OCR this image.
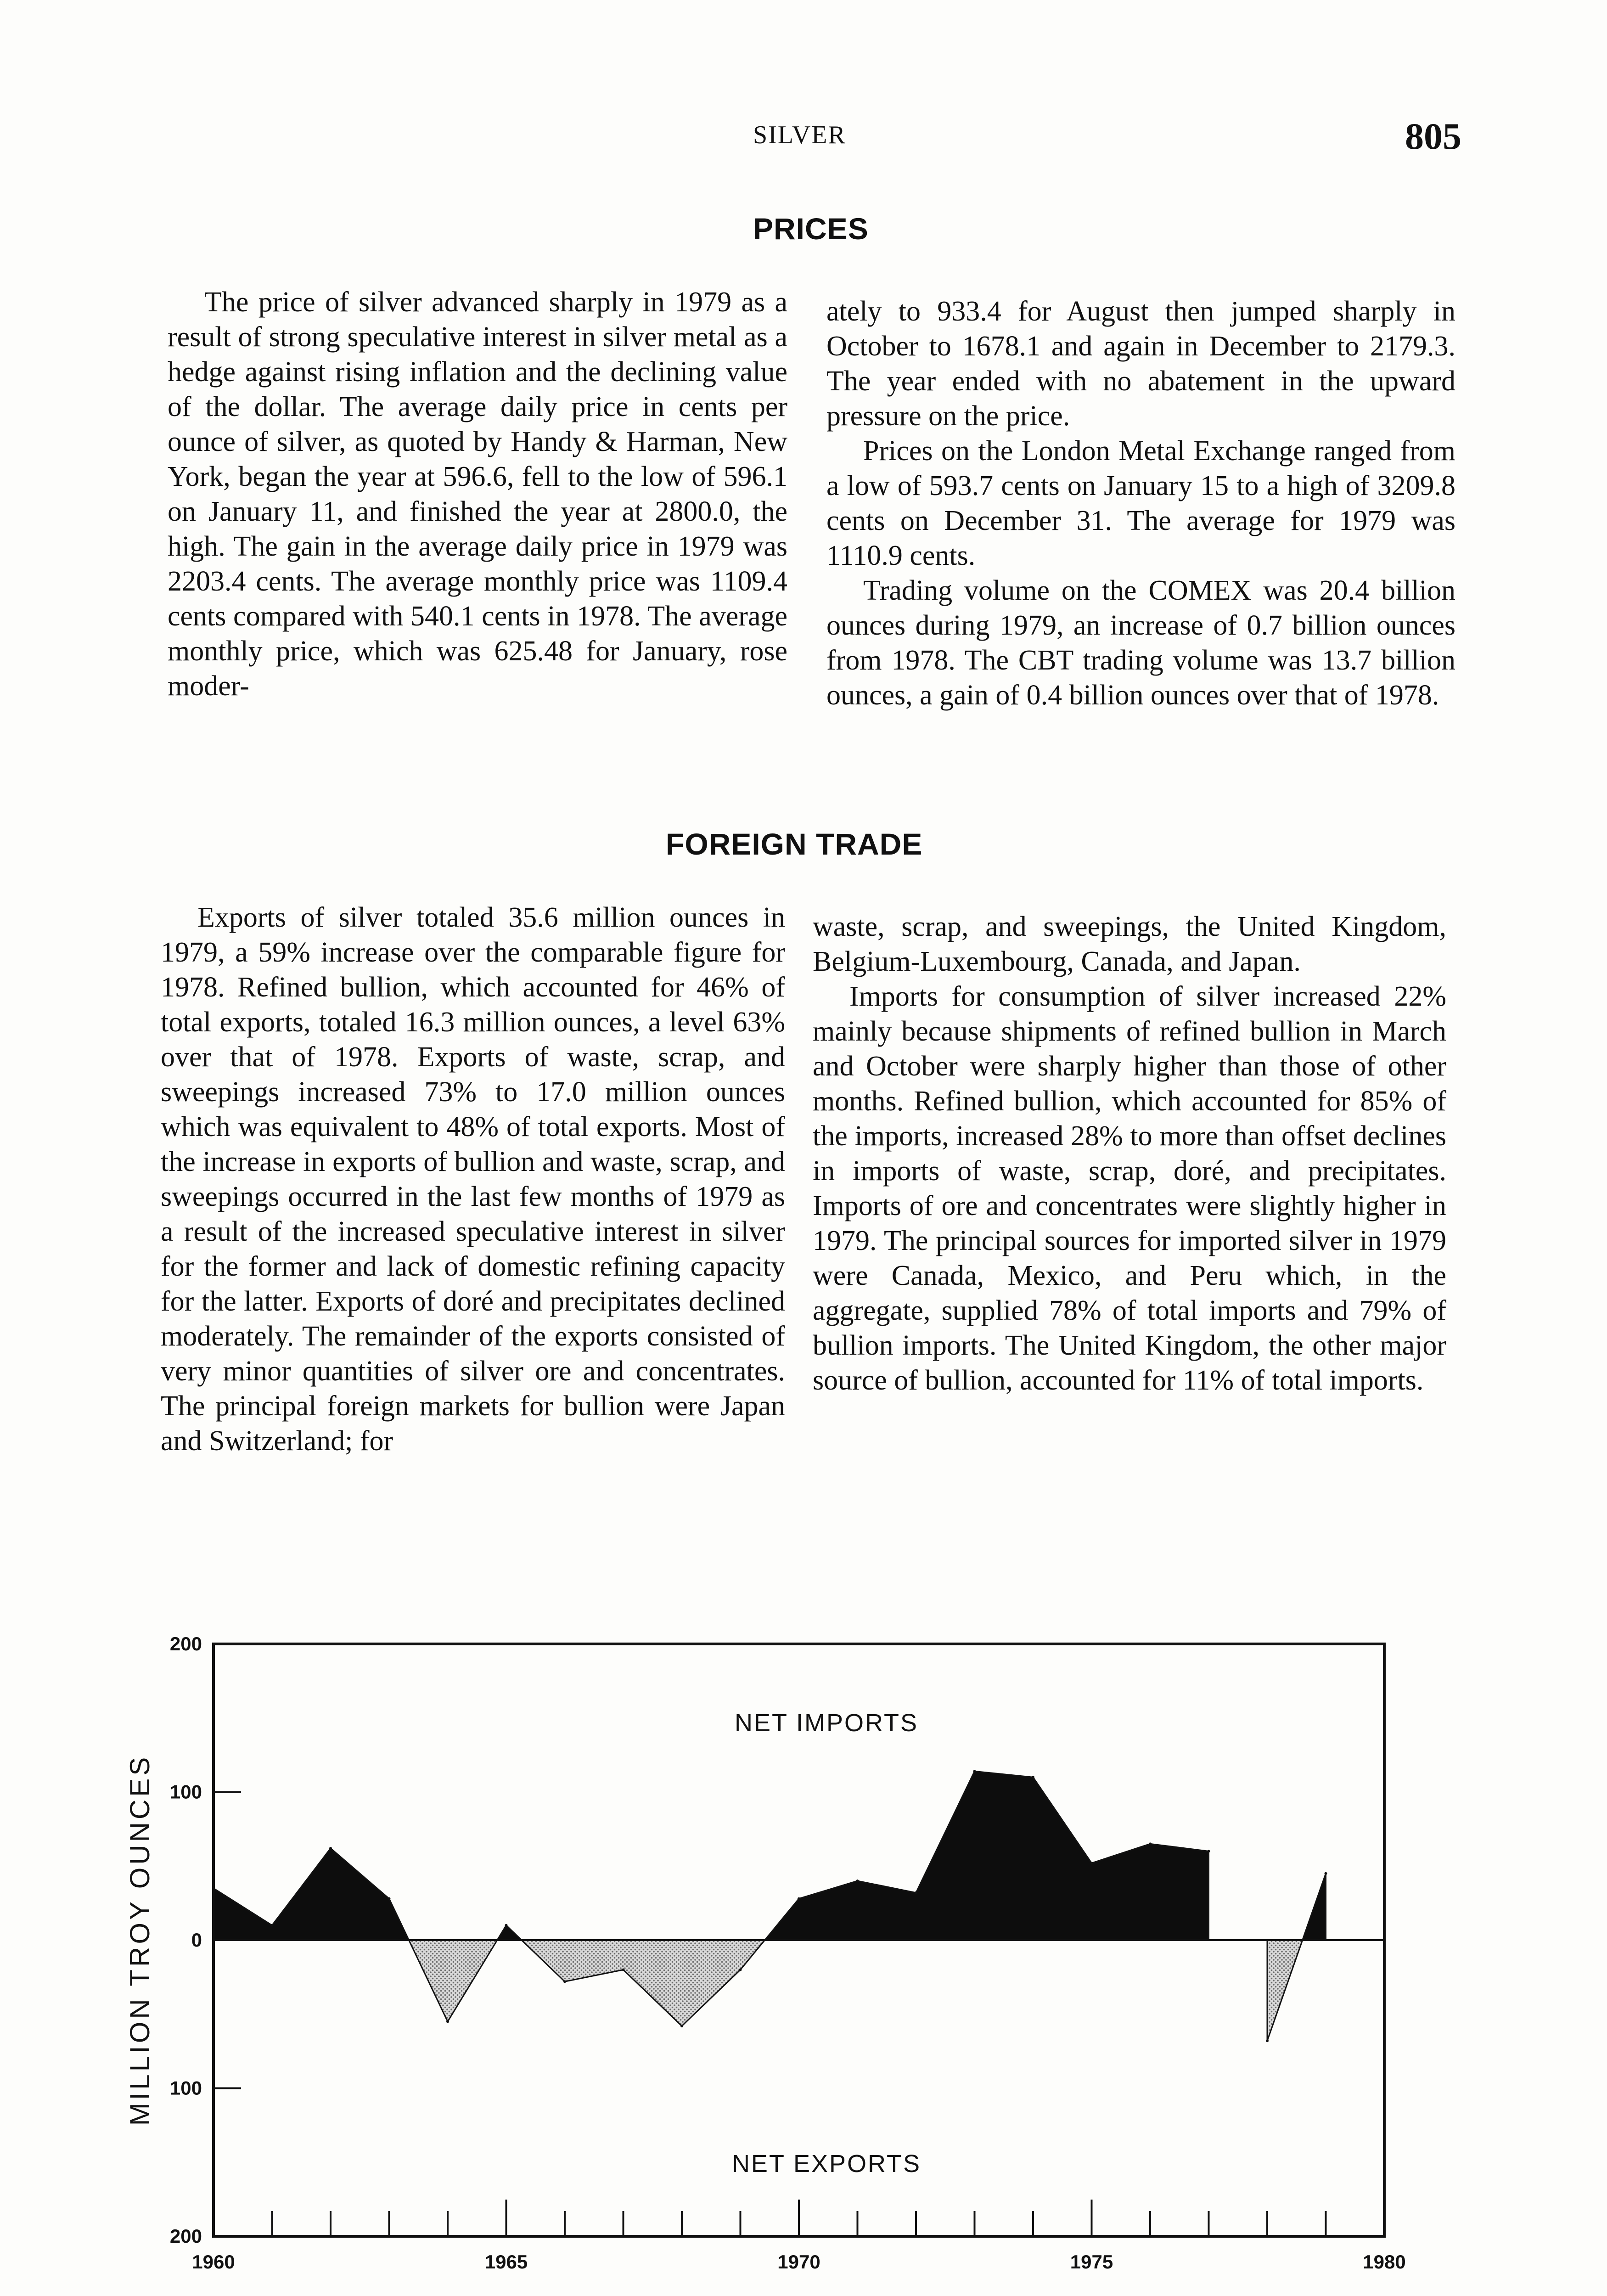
SILVER	805
PRICES

The price of silver advanced sharply in 1979 as a result of strong speculative interest in silver metal as a hedge against rising inflation and the declining value of the dollar. The average daily price in cents per ounce of silver, as quoted by Handy & Harman, New York, began the year at 596.6, fell to the low of 596.1 on January 11, and finished the year at 2800.0, the high. The gain in the average daily price in 1979 was 2203.4 cents. The average monthly price was 1109.4 cents compared with 540.1 cents in 1978. The average monthly price, which was 625.48 for January, rose moder-

ately to 933.4 for August then jumped sharply in October to 1678.1 and again in December to 2179.3. The year ended with no abatement in the upward pressure on the price.

Prices on the London Metal Exchange ranged from a low of 593.7 cents on January 15 to a high of 3209.8 cents on December 31. The average for 1979 was 1110.9 cents.

Trading volume on the COMEX was 20.4 billion ounces during 1979, an increase of 0.7 billion ounces from 1978. The CBT trading volume was 13.7 billion ounces, a gain of 0.4 billion ounces over that of 1978.

FOREIGN TRADE

Exports of silver totaled 35.6 million ounces in 1979, a 59% increase over the comparable figure for 1978. Refined bullion, which accounted for 46% of total exports, totaled 16.3 million ounces, a level 63% over that of 1978. Exports of waste, scrap, and sweepings increased 73% to 17.0 million ounces which was equivalent to 48% of total exports. Most of the increase in exports of bullion and waste, scrap, and sweepings occurred in the last few months of 1979 as a result of the increased speculative interest in silver for the former and lack of domestic refining capacity for the latter. Exports of doré and precipitates declined moderately. The remainder of the exports consisted of very minor quantities of silver ore and concentrates. The principal foreign markets for bullion were Japan and Switzerland; for

waste, scrap, and sweepings, the United Kingdom, Belgium-Luxembourg, Canada, and Japan.

Imports for consumption of silver increased 22% mainly because shipments of refined bullion in March and October were sharply higher than those of other months. Refined bullion, which accounted for 85% of the imports, increased 28% to more than offset declines in imports of waste, scrap, doré, and precipitates. Imports of ore and concentrates were slightly higher in 1979. The principal sources for imported silver in 1979 were Canada, Mexico, and Peru which, in the aggregate, supplied 78% of total imports and 79% of bullion imports. The United Kingdom, the other major source of bullion, accounted for 11% of total imports.

200
100
0
100
200
1960	1965	1970	1975	1980
NET IMPORTS
NET EXPORTS
MILLION TROY OUNCES
